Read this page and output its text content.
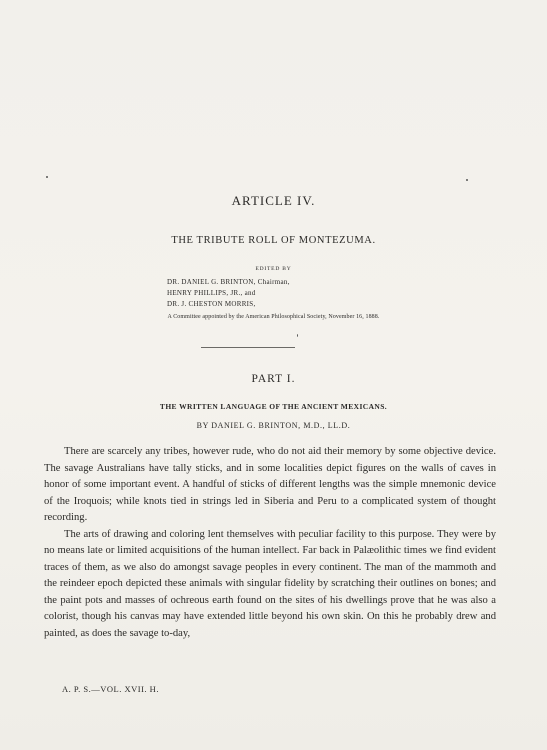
ARTICLE IV.
THE TRIBUTE ROLL OF MONTEZUMA.
EDITED BY
DR. DANIEL G. BRINTON, Chairman,
HENRY PHILLIPS, JR., and
DR. J. CHESTON MORRIS,
A Committee appointed by the American Philosophical Society, November 16, 1888.
PART I.
THE WRITTEN LANGUAGE OF THE ANCIENT MEXICANS.
BY DANIEL G. BRINTON, M.D., LL.D.

There are scarcely any tribes, however rude, who do not aid their memory by some objective device. The savage Australians have tally sticks, and in some localities depict figures on the walls of caves in honor of some important event. A handful of sticks of different lengths was the simple mnemonic device of the Iroquois; while knots tied in strings led in Siberia and Peru to a complicated system of thought recording.

The arts of drawing and coloring lent themselves with peculiar facility to this purpose. They were by no means late or limited acquisitions of the human intellect. Far back in Palæolithic times we find evident traces of them, as we also do amongst savage peoples in every continent. The man of the mammoth and the reindeer epoch depicted these animals with singular fidelity by scratching their outlines on bones; and the paint pots and masses of ochreous earth found on the sites of his dwellings prove that he was also a colorist, though his canvas may have extended little beyond his own skin. On this he probably drew and painted, as does the savage to-day,

A. P. S.—VOL. XVII. H.
